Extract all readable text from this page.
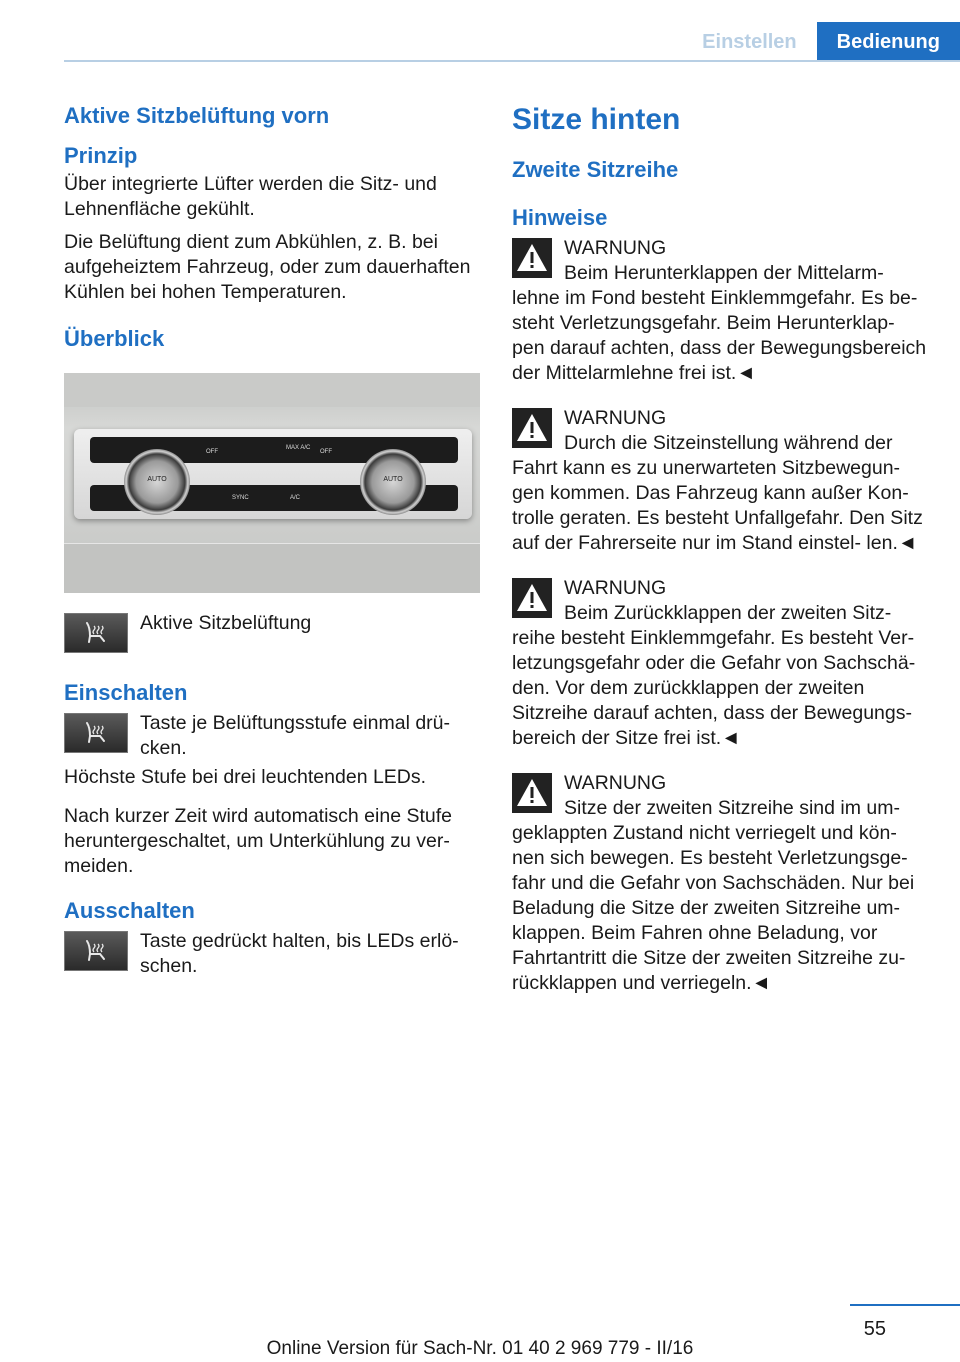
Einstellen	Bedienung
Aktive Sitzbelüftung vorn
Prinzip

Über integrierte Lüfter werden die Sitz- und Lehnenfläche gekühlt.

Die Belüftung dient zum Abkühlen, z. B. bei aufgeheiztem Fahrzeug, oder zum dauerhaften Kühlen bei hohen Temperaturen.

Überblick
AUTO	AUTO
OFF
MAX A/C
OFF
SYNC	A/C
Aktive Sitzbelüftung
Einschalten
Taste je Belüftungsstufe einmal drü- cken.

Höchste Stufe bei drei leuchtenden LEDs.

Nach kurzer Zeit wird automatisch eine Stufe heruntergeschaltet, um Unterkühlung zu ver- meiden.

Ausschalten
Taste gedrückt halten, bis LEDs erlö- schen.
Sitze hinten
Zweite Sitzreihe
Hinweise
WARNUNG
Beim Herunterklappen der Mittelarm-
lehne im Fond besteht Einklemmgefahr. Es be- steht Verletzungsgefahr. Beim Herunterklap- pen darauf achten, dass der Bewegungsbereich der Mittelarmlehne frei ist.◄
WARNUNG
Durch die Sitzeinstellung während der
Fahrt kann es zu unerwarteten Sitzbewegun- gen kommen. Das Fahrzeug kann außer Kon- trolle geraten. Es besteht Unfallgefahr. Den Sitz auf der Fahrerseite nur im Stand einstel- len.◄
WARNUNG
Beim Zurückklappen der zweiten Sitz-
reihe besteht Einklemmgefahr. Es besteht Ver- letzungsgefahr oder die Gefahr von Sachschä- den. Vor dem zurückklappen der zweiten Sitzreihe darauf achten, dass der Bewegungs- bereich der Sitze frei ist.◄
WARNUNG
Sitze der zweiten Sitzreihe sind im um-
geklappten Zustand nicht verriegelt und kön- nen sich bewegen. Es besteht Verletzungsge- fahr und die Gefahr von Sachschäden. Nur bei Beladung die Sitze der zweiten Sitzreihe um- klappen. Beim Fahren ohne Beladung, vor Fahrtantritt die Sitze der zweiten Sitzreihe zu- rückklappen und verriegeln.◄
55
Online Version für Sach-Nr. 01 40 2 969 779 - II/16
